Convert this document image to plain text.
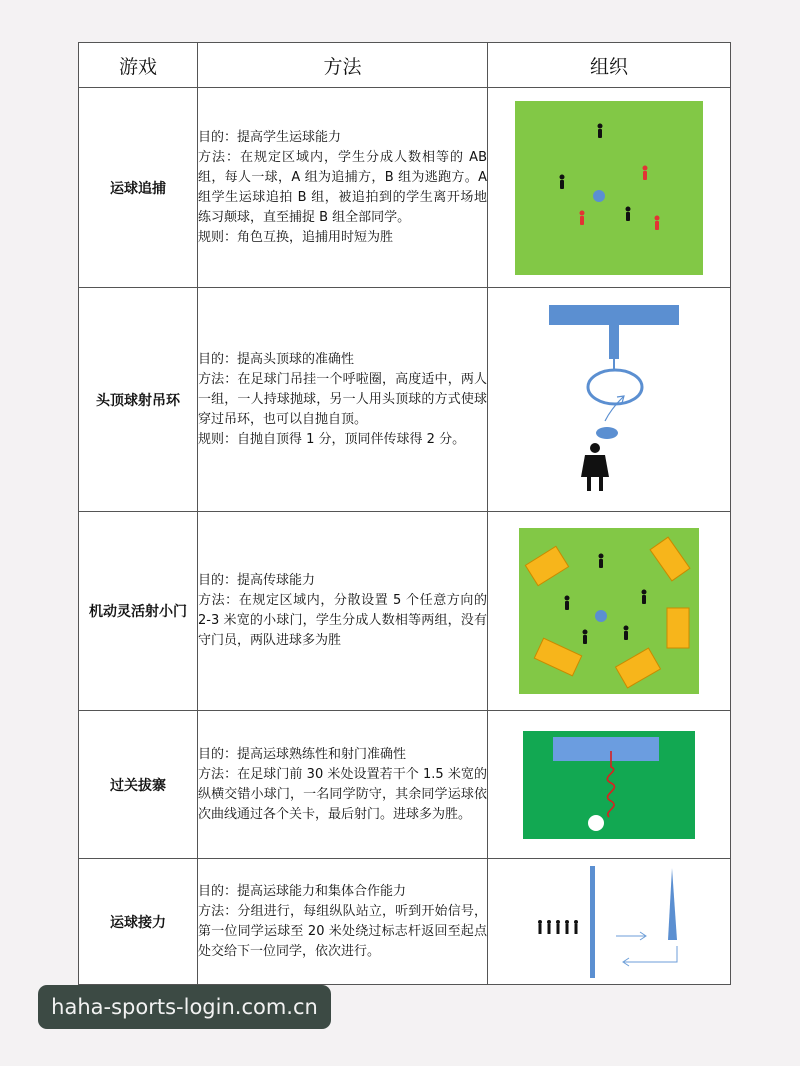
游戏	方法	组织
运球追捕	目的：提高学生运球能力
方法：在规定区域内，学生分成人数相等的 AB 组，每人一球，A 组为追捕方，B 组为逃跑方。A 组学生运球追拍 B 组，被追拍到的学生离开场地练习颠球，直至捕捉 B 组全部同学。
规则：角色互换，追捕用时短为胜

头顶球射吊环	目的：提高头顶球的准确性
方法：在足球门吊挂一个呼啦圈，高度适中，两人一组，一人持球抛球，另一人用头顶球的方式使球穿过吊环，也可以自抛自顶。
规则：自抛自顶得 1 分，顶同伴传球得 2 分。

机动灵活射小门	目的：提高传球能力
方法：在规定区域内，分散设置 5 个任意方向的 2-3 米宽的小球门，学生分成人数相等两组，没有守门员，两队进球多为胜

过关拔寨	目的：提高运球熟练性和射门准确性
方法：在足球门前 30 米处设置若干个 1.5 米宽的纵横交错小球门，一名同学防守，其余同学运球依次曲线通过各个关卡，最后射门。进球多为胜。

运球接力	目的：提高运球能力和集体合作能力
方法：分组进行，每组纵队站立，听到开始信号，第一位同学运球至 20 米处绕过标志杆返回至起点处交给下一位同学，依次进行。

haha-sports-login.com.cn
